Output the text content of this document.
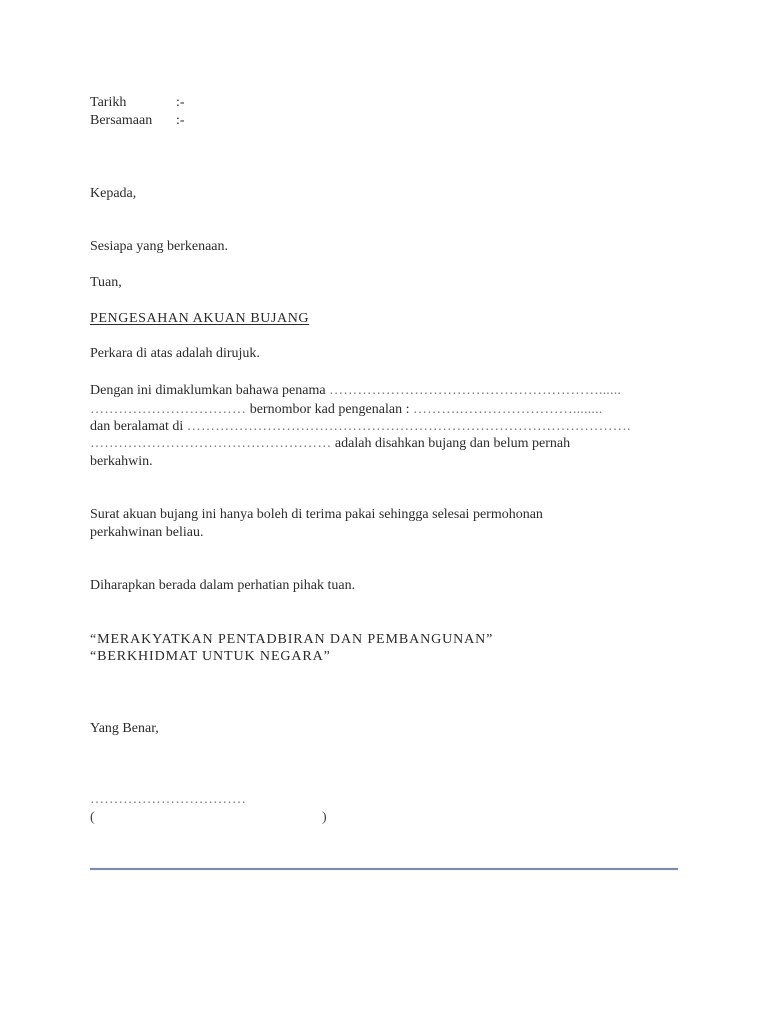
Tarikh	:-
Bersamaan :-
Kepada,
Sesiapa yang berkenaan.
Tuan,
PENGESAHAN AKUAN BUJANG
Perkara di atas adalah dirujuk.
Dengan ini dimaklumkan bahawa penama …………………………………………………......
…………………………… bernombor kad pengenalan : ……….……………………........
dan beralamat di ………………………………………………………………………………….
…………………………………………… adalah disahkan bujang dan belum pernah
berkahwin.
Surat akuan bujang ini hanya boleh di terima pakai sehingga selesai permohonan
perkahwinan beliau.
Diharapkan berada dalam perhatian pihak tuan.
“MERAKYATKAN PENTADBIRAN DAN PEMBANGUNAN”
“BERKHIDMAT UNTUK NEGARA”
Yang Benar,
……………………………
(	)
